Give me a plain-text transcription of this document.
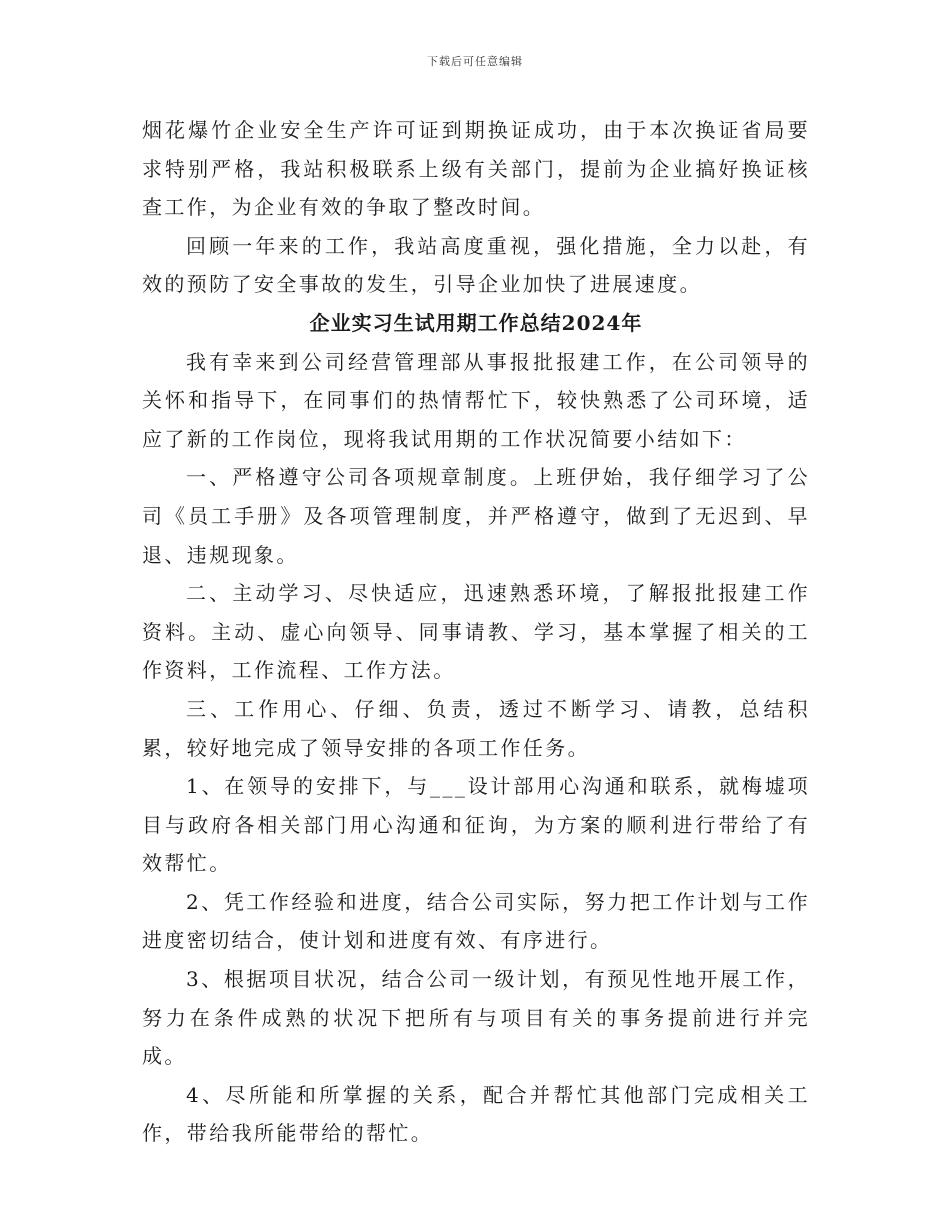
下载后可任意编辑

烟花爆竹企业安全生产许可证到期换证成功，由于本次换证省局要求特别严格，我站积极联系上级有关部门，提前为企业搞好换证核查工作，为企业有效的争取了整改时间。

回顾一年来的工作，我站高度重视，强化措施，全力以赴，有效的预防了安全事故的发生，引导企业加快了进展速度。

企业实习生试用期工作总结2024年

我有幸来到公司经营管理部从事报批报建工作，在公司领导的关怀和指导下，在同事们的热情帮忙下，较快熟悉了公司环境，适应了新的工作岗位，现将我试用期的工作状况简要小结如下：

一、严格遵守公司各项规章制度。上班伊始，我仔细学习了公司《员工手册》及各项管理制度，并严格遵守，做到了无迟到、早退、违规现象。

二、主动学习、尽快适应，迅速熟悉环境，了解报批报建工作资料。主动、虚心向领导、同事请教、学习，基本掌握了相关的工作资料，工作流程、工作方法。

三、工作用心、仔细、负责，透过不断学习、请教，总结积累，较好地完成了领导安排的各项工作任务。

1、在领导的安排下，与___设计部用心沟通和联系，就梅墟项目与政府各相关部门用心沟通和征询，为方案的顺利进行带给了有效帮忙。

2、凭工作经验和进度，结合公司实际，努力把工作计划与工作进度密切结合，使计划和进度有效、有序进行。

3、根据项目状况，结合公司一级计划，有预见性地开展工作，努力在条件成熟的状况下把所有与项目有关的事务提前进行并完成。

4、尽所能和所掌握的关系，配合并帮忙其他部门完成相关工作，带给我所能带给的帮忙。
